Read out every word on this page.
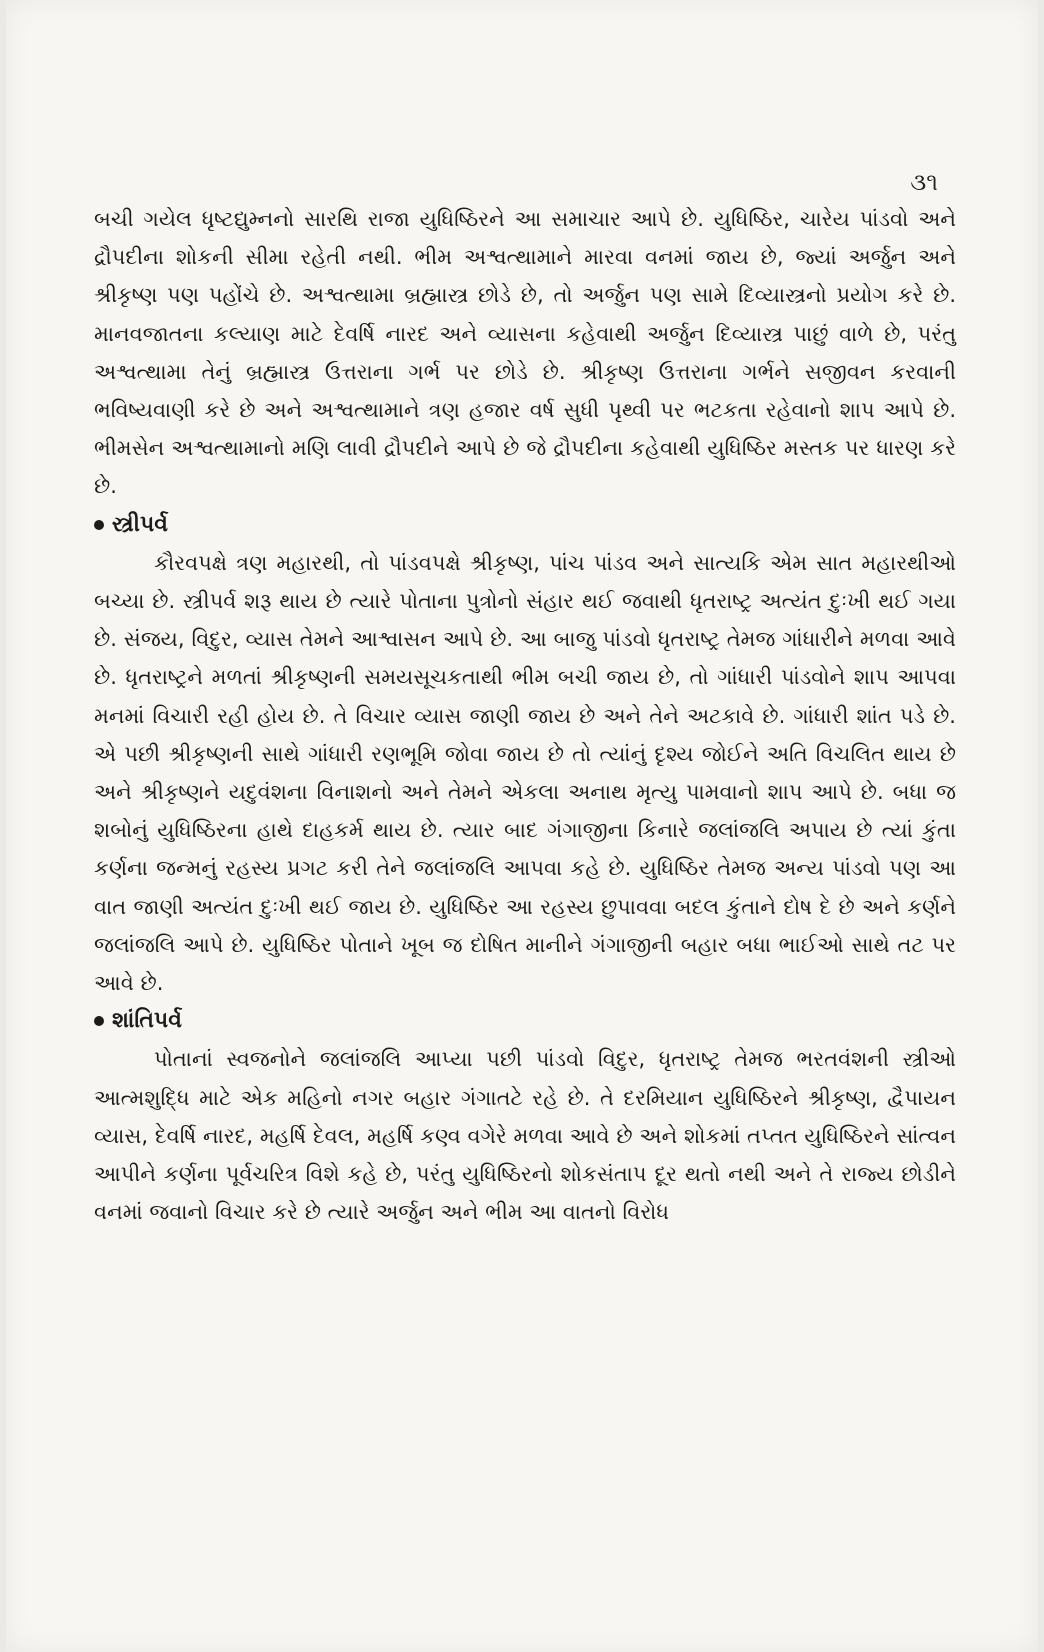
૩૧

બચી ગયેલ ધૃષ્ટદ્યુમ્નનો સારથિ રાજા યુધિષ્ઠિરને આ સમાચાર આપે છે. યુધિષ્ઠિર, ચારેય પાંડવો અને દ્રૌપદીના શોકની સીમા રહેતી નથી. ભીમ અશ્વત્થામાને મારવા વનમાં જાય છે, જ્યાં અર્જુન અને શ્રીકૃષ્ણ પણ પહોંચે છે. અશ્વત્થામા બ્રહ્માસ્ત્ર છોડે છે, તો અર્જુન પણ સામે દિવ્યાસ્ત્રનો પ્રયોગ કરે છે. માનવજાતના કલ્યાણ માટે દેવર્ષિ નારદ અને વ્યાસના કહેવાથી અર્જુન દિવ્યાસ્ત્ર પાછું વાળે છે, પરંતુ અશ્વત્થામા તેનું બ્રહ્માસ્ત્ર ઉત્તરાના ગર્ભ પર છોડે છે. શ્રીકૃષ્ણ ઉત્તરાના ગર્ભને સજીવન કરવાની ભવિષ્યવાણી કરે છે અને અશ્વત્થામાને ત્રણ હજાર વર્ષ સુધી પૃથ્વી પર ભટકતા રહેવાનો શાપ આપે છે. ભીમસેન અશ્વત્થામાનો મણિ લાવી દ્રૌપદીને આપે છે જે દ્રૌપદીના કહેવાથી યુધિષ્ઠિર મસ્તક પર ધારણ કરે છે.

સ્ત્રીપર્વ

કૌરવપક્ષે ત્રણ મહારથી, તો પાંડવપક્ષે શ્રીકૃષ્ણ, પાંચ પાંડવ અને સાત્યકિ એમ સાત મહારથીઓ બચ્યા છે. સ્ત્રીપર્વ શરૂ થાય છે ત્યારે પોતાના પુત્રોનો સંહાર થઈ જવાથી ધૃતરાષ્ટ્ર અત્યંત દુઃખી થઈ ગયા છે. સંજય, વિદુર, વ્યાસ તેમને આશ્વાસન આપે છે. આ બાજુ પાંડવો ધૃતરાષ્ટ્ર તેમજ ગાંધારીને મળવા આવે છે. ધૃતરાષ્ટ્રને મળતાં શ્રીકૃષ્ણની સમયસૂચકતાથી ભીમ બચી જાય છે, તો ગાંધારી પાંડવોને શાપ આપવા મનમાં વિચારી રહી હોય છે. તે વિચાર વ્યાસ જાણી જાય છે અને તેને અટકાવે છે. ગાંધારી શાંત પડે છે. એ પછી શ્રીકૃષ્ણની સાથે ગાંધારી રણભૂમિ જોવા જાય છે તો ત્યાંનું દૃશ્ય જોઈને અતિ વિચલિત થાય છે અને શ્રીકૃષ્ણને યદુવંશના વિનાશનો અને તેમને એકલા અનાથ મૃત્યુ પામવાનો શાપ આપે છે. બધા જ શબોનું યુધિષ્ઠિરના હાથે દાહકર્મ થાય છે. ત્યાર બાદ ગંગાજીના કિનારે જલાંજલિ અપાય છે ત્યાં કુંતા કર્ણના જન્મનું રહસ્ય પ્રગટ કરી તેને જલાંજલિ આપવા કહે છે. યુધિષ્ઠિર તેમજ અન્ય પાંડવો પણ આ વાત જાણી અત્યંત દુઃખી થઈ જાય છે. યુધિષ્ઠિર આ રહસ્ય છુપાવવા બદલ કુંતાને દોષ દે છે અને કર્ણને જલાંજલિ આપે છે. યુધિષ્ઠિર પોતાને ખૂબ જ દોષિત માનીને ગંગાજીની બહાર બધા ભાઈઓ સાથે તટ પર આવે છે.

શાંતિપર્વ

પોતાનાં સ્વજનોને જલાંજલિ આપ્યા પછી પાંડવો વિદુર, ધૃતરાષ્ટ્ર તેમજ ભરતવંશની સ્ત્રીઓ આત્મશુદ્ધિ માટે એક મહિનો નગર બહાર ગંગાતટે રહે છે. તે દરમિયાન યુધિષ્ઠિરને શ્રીકૃષ્ણ, દ્વૈપાયન વ્યાસ, દેવર્ષિ નારદ, મહર્ષિ દેવલ, મહર્ષિ કણ્વ વગેરે મળવા આવે છે અને શોકમાં તપ્તત યુધિષ્ઠિરને સાંત્વન આપીને કર્ણના પૂર્વચરિત્ર વિશે કહે છે, પરંતુ યુધિષ્ઠિરનો શોકસંતાપ દૂર થતો નથી અને તે રાજ્ય છોડીને વનમાં જવાનો વિચાર કરે છે ત્યારે અર્જુન અને ભીમ આ વાતનો વિરોધ
